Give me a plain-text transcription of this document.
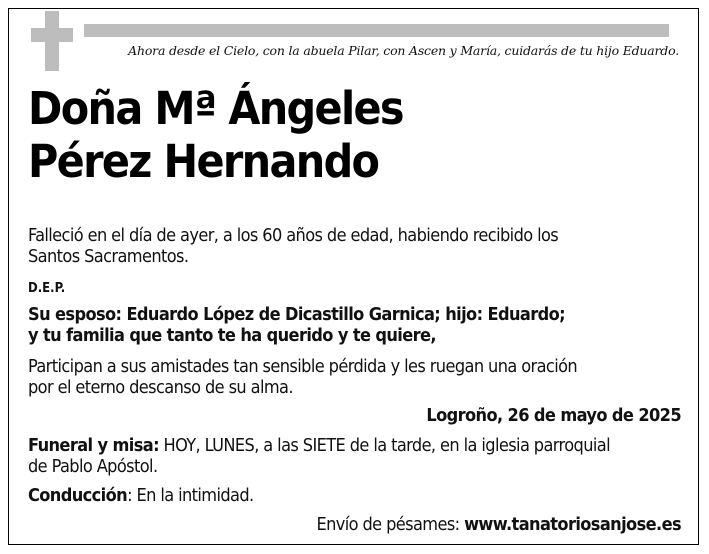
Ahora desde el Cielo, con la abuela Pilar, con Ascen y María, cuidarás de tu hijo Eduardo.
Doña Mª Ángeles
Pérez Hernando
Falleció en el día de ayer, a los 60 años de edad, habiendo recibido los
Santos Sacramentos.
D.E.P.
Su esposo: Eduardo López de Dicastillo Garnica; hijo: Eduardo;
y tu familia que tanto te ha querido y te quiere,
Participan a sus amistades tan sensible pérdida y les ruegan una oración
por el eterno descanso de su alma.
Logroño, 26 de mayo de 2025
Funeral y misa: HOY, LUNES, a las SIETE de la tarde, en la iglesia parroquial
de Pablo Apóstol.
Conducción: En la intimidad.
Envío de pésames: www.tanatoriosanjose.es
